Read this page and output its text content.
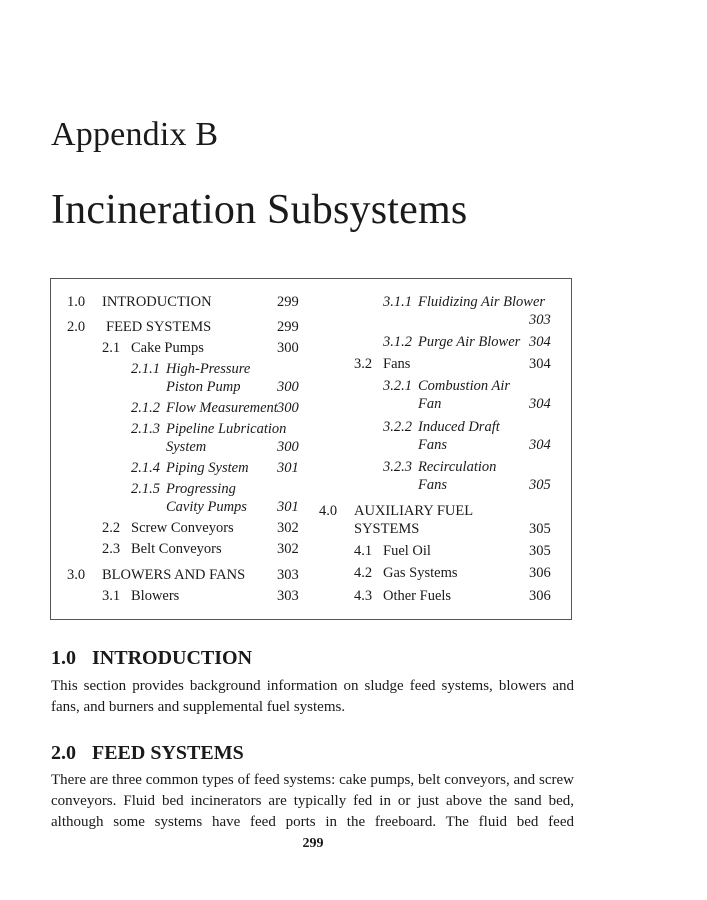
Appendix B
Incineration Subsystems
1.0 INTRODUCTION	299
2.0 FEED SYSTEMS	299
2.1 Cake Pumps	300
2.1.1 High-Pressure
Piston Pump	300
2.1.2 Flow Measurement 300
2.1.3 Pipeline Lubrication
System	300
2.1.4 Piping System 301
2.1.5 Progressing
Cavity Pumps 301
2.2 Screw Conveyors	302
2.3 Belt Conveyors	302
3.0 BLOWERS AND FANS 303
3.1 Blowers	303
3.1.1 Fluidizing Air Blower
303
3.1.2 Purge Air Blower 304
3.2 Fans	304
3.2.1 Combustion Air
Fan	304
3.2.2 Induced Draft
Fans	304
3.2.3 Recirculation
Fans	305
4.0 AUXILIARY FUEL
SYSTEMS	305
4.1 Fuel Oil	305
4.2 Gas Systems	306
4.3 Other Fuels	306
1.0 INTRODUCTION

This section provides background information on sludge feed systems, blowers and fans, and burners and supplemental fuel systems.

2.0 FEED SYSTEMS

There are three common types of feed systems: cake pumps, belt conveyors, and screw conveyors. Fluid bed incinerators are typically fed in or just above the sand bed, although some systems have feed ports in the freeboard. The fluid bed feed

299
